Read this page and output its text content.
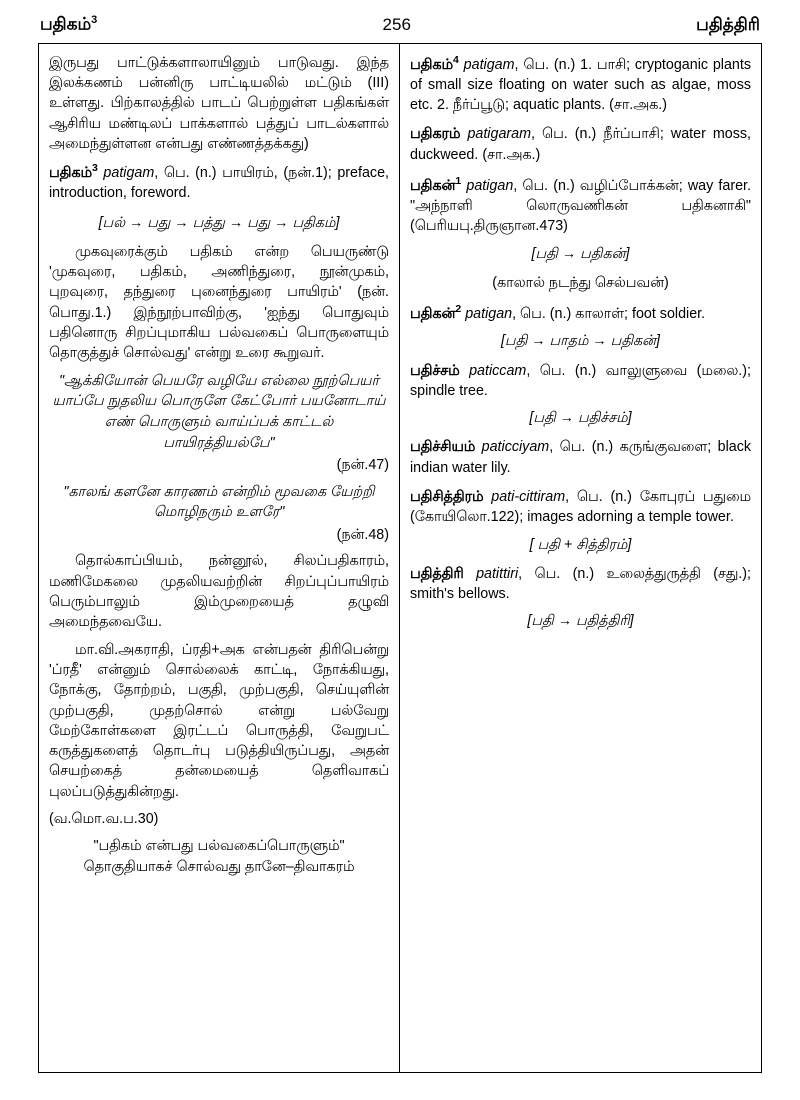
பதிகம்$^3$	256	பதித்திரி

இருபது பாட்டுக்களாலாயினும் பாடுவது. இந்த இலக்கணம் பன்னிரு பாட்டியலில் மட்டும் (III) உள்ளது. பிற்காலத்தில் பாடப் பெற்றுள்ள பதிகங்கள் ஆசிரிய மண்டிலப் பாக்களால் பத்துப் பாடல்களால் அமைந்துள்ளன என்பது எண்ணத்தக்கது)

பதிகம்$^3$ patigam, பெ. (n.) பாயிரம், (நன்.1); preface, introduction, foreword.

[பல் → பது → பத்து → பது → பதிகம்]

முகவுரைக்கும் பதிகம் என்ற பெயருண்டு 'முகவுரை, பதிகம், அணிந்துரை, நூன்முகம், புறவுரை, தந்துரை புனைந்துரை பாயிரம்' (நன். பொது.1.) இந்நூற்பாவிற்கு, 'ஐந்து பொதுவும் பதினொரு சிறப்புமாகிய பல்வகைப் பொருளையும் தொகுத்துச் சொல்வது' என்று உரை கூறுவர்.

"ஆக்கியோன் பெயரே வழியே எல்லை நூற்பெயர் யாப்பே நுதலிய பொருளே கேட்போர் பயனோடாய் எண் பொருளும் வாய்ப்பக் காட்டல் பாயிரத்தியல்பே"

(நன்.47)

"காலங் களனே காரணம் என்றிம் மூவகை யேற்றி மொழிநரும் உளரே"

(நன்.48)

தொல்காப்பியம், நன்னூல், சிலப்பதிகாரம், மணிமேகலை முதலியவற்றின் சிறப்புப்பாயிரம் பெரும்பாலும் இம்முறையைத் தழுவி அமைந்தவையே.

மா.வி.அகராதி, ப்ரதி+அக என்பதன் திரிபென்று 'ப்ரதீ' என்னும் சொல்லைக் காட்டி, நோக்கியது, நோக்கு, தோற்றம், பகுதி, முற்பகுதி, செய்யுளின் முற்பகுதி, முதற்சொல் என்று பல்வேறு மேற்கோள்களை இரட்டப் பொருத்தி, வேறுபட் கருத்துகளைத் தொடர்பு படுத்தியிருப்பது, அதன் செயற்கைத் தன்மையைத் தெளிவாகப் புலப்படுத்துகின்றது.

(வ.மொ.வ.ப.30)

"பதிகம் என்பது பல்வகைப்பொருளும்" தொகுதியாகச் சொல்வது தானே–திவாகரம்

பதிகம்$^4$ patigam, பெ. (n.) 1. பாசி; cryptoganic plants of small size floating on water such as algae, moss etc. 2. நீர்ப்பூடு; aquatic plants. (சா.அக.)

பதிகரம் patigaram, பெ. (n.) நீர்ப்பாசி; water moss, duckweed. (சா.அக.)

பதிகன்$^1$ patigan, பெ. (n.) வழிப்போக்கன்; way farer. "அந்நாளி லொருவணிகன் பதிகனாகி" (பெரியபு.திருஞான.473)

[பதி → பதிகன்]

(காலால் நடந்து செல்பவன்)

பதிகன்$^2$ patigan, பெ. (n.) காலாள்; foot soldier.

[பதி → பாதம் → பதிகன்]

பதிச்சம் paticcam, பெ. (n.) வாலுளுவை (மலை.); spindle tree.

[பதி → பதிச்சம்]

பதிச்சியம் paticciyam, பெ. (n.) கருங்குவளை; black indian water lily.

பதிசித்திரம் pati-cittiram, பெ. (n.) கோபுரப் பதுமை (கோயிலொ.122); images adorning a temple tower.

[ பதி + சித்திரம்]

பதித்திரி patittiri, பெ. (n.) உலைத்துருத்தி (சது.); smith's bellows.

[பதி → பதித்திரி]
